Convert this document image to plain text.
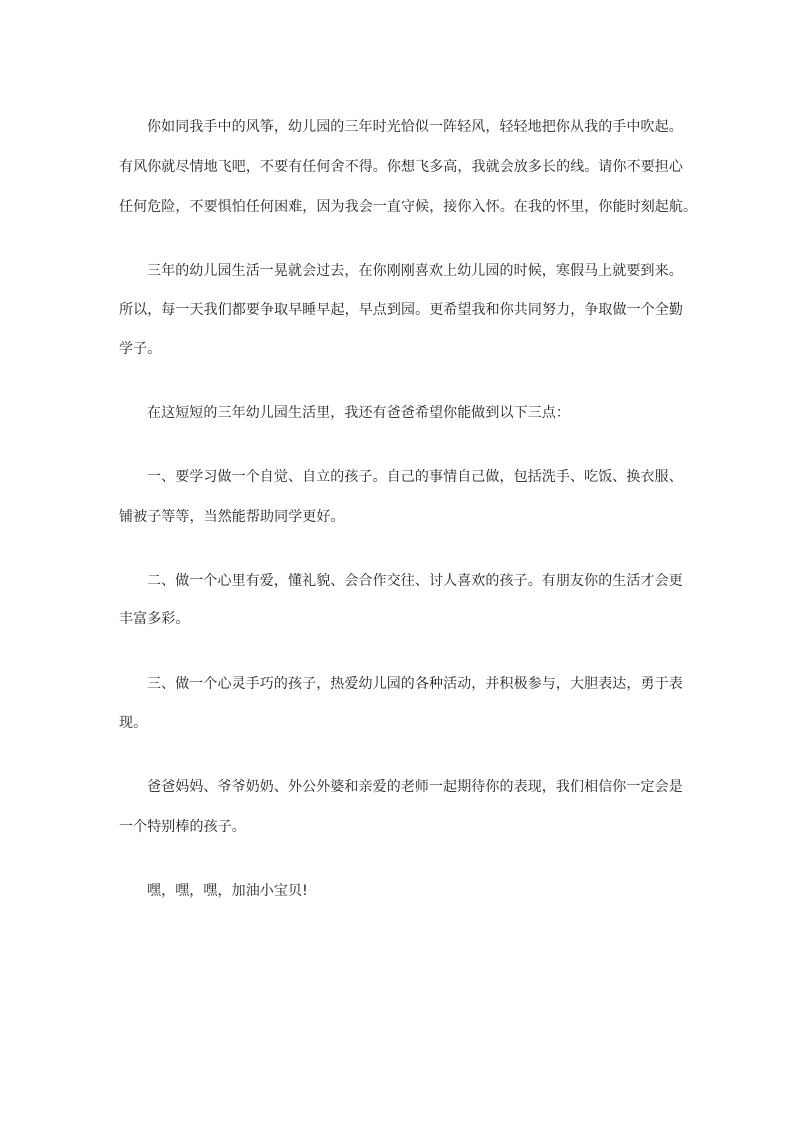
你如同我手中的风筝，幼儿园的三年时光恰似一阵轻风，轻轻地把你从我的手中吹起。
有风你就尽情地飞吧，不要有任何舍不得。你想飞多高，我就会放多长的线。请你不要担心
任何危险，不要惧怕任何困难，因为我会一直守候，接你入怀。在我的怀里，你能时刻起航。
三年的幼儿园生活一晃就会过去，在你刚刚喜欢上幼儿园的时候，寒假马上就要到来。
所以，每一天我们都要争取早睡早起，早点到园。更希望我和你共同努力，争取做一个全勤
学子。
在这短短的三年幼儿园生活里，我还有爸爸希望你能做到以下三点：
一、要学习做一个自觉、自立的孩子。自己的事情自己做，包括洗手、吃饭、换衣服、
铺被子等等，当然能帮助同学更好。
二、做一个心里有爱，懂礼貌、会合作交往、讨人喜欢的孩子。有朋友你的生活才会更
丰富多彩。
三、做一个心灵手巧的孩子，热爱幼儿园的各种活动，并积极参与，大胆表达，勇于表
现。
爸爸妈妈、爷爷奶奶、外公外婆和亲爱的老师一起期待你的表现，我们相信你一定会是
一个特别棒的孩子。
嘿，嘿，嘿，加油小宝贝!
